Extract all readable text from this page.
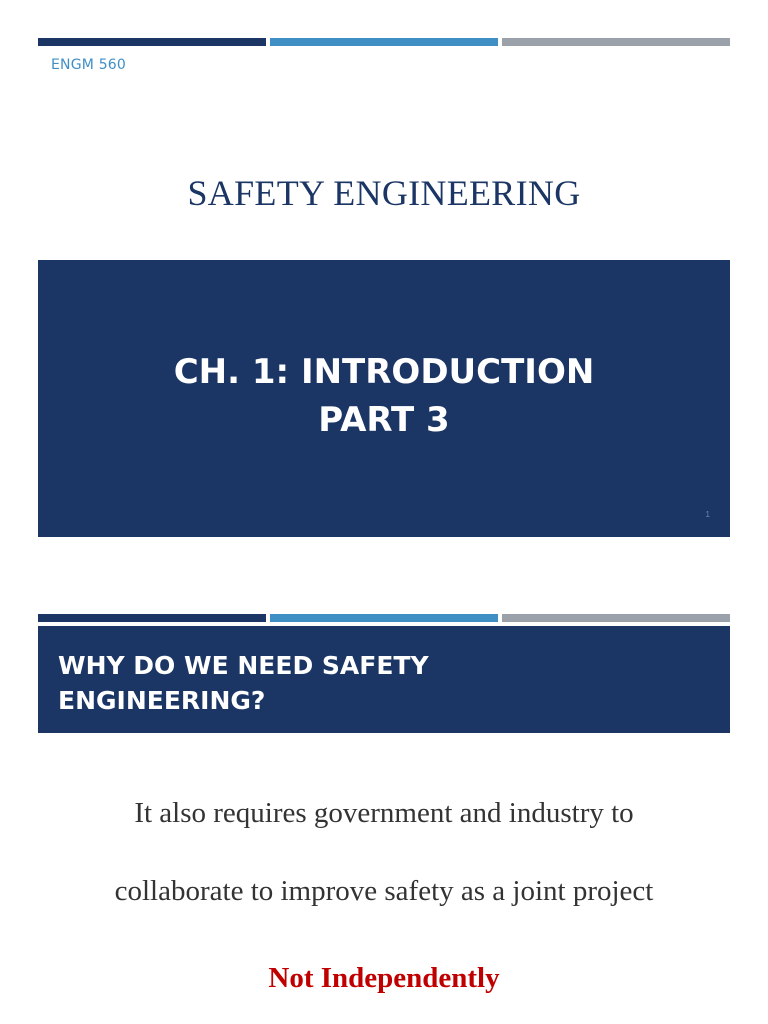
ENGM 560
SAFETY ENGINEERING
CH. 1: INTRODUCTION
PART 3
1
WHY DO WE NEED SAFETY
ENGINEERING?
It also requires government and industry to
collaborate to improve safety as a joint project
Not Independently
